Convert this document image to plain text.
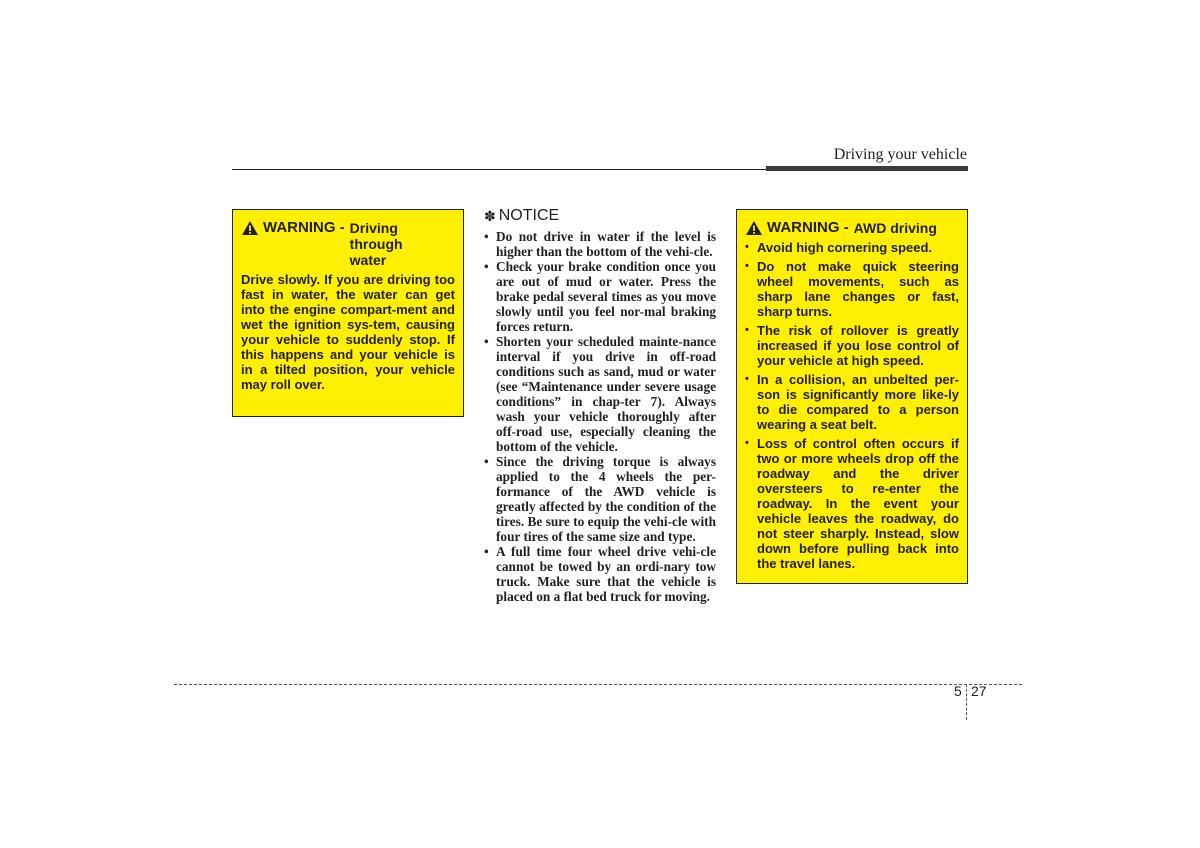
Driving your vehicle
WARNING - Driving through water
Drive slowly. If you are driving too fast in water, the water can get into the engine compart-ment and wet the ignition sys-tem, causing your vehicle to suddenly stop. If this happens and your vehicle is in a tilted position, your vehicle may roll over.
✽ NOTICE
• Do not drive in water if the level is higher than the bottom of the vehi-cle.
• Check your brake condition once you are out of mud or water. Press the brake pedal several times as you move slowly until you feel nor-mal braking forces return.
• Shorten your scheduled mainte-nance interval if you drive in off-road conditions such as sand, mud or water (see “Maintenance under severe usage conditions” in chap-ter 7). Always wash your vehicle thoroughly after off-road use, especially cleaning the bottom of the vehicle.
• Since the driving torque is always applied to the 4 wheels the per-formance of the AWD vehicle is greatly affected by the condition of the tires. Be sure to equip the vehi-cle with four tires of the same size and type.
• A full time four wheel drive vehi-cle cannot be towed by an ordi-nary tow truck. Make sure that the vehicle is placed on a flat bed truck for moving.
WARNING - AWD driving
• Avoid high cornering speed.
• Do not make quick steering wheel movements, such as sharp lane changes or fast, sharp turns.
• The risk of rollover is greatly increased if you lose control of your vehicle at high speed.
• In a collision, an unbelted per-son is significantly more like-ly to die compared to a person wearing a seat belt.
• Loss of control often occurs if two or more wheels drop off the roadway and the driver oversteers to re-enter the roadway. In the event your vehicle leaves the roadway, do not steer sharply. Instead, slow down before pulling back into the travel lanes.
5 27
